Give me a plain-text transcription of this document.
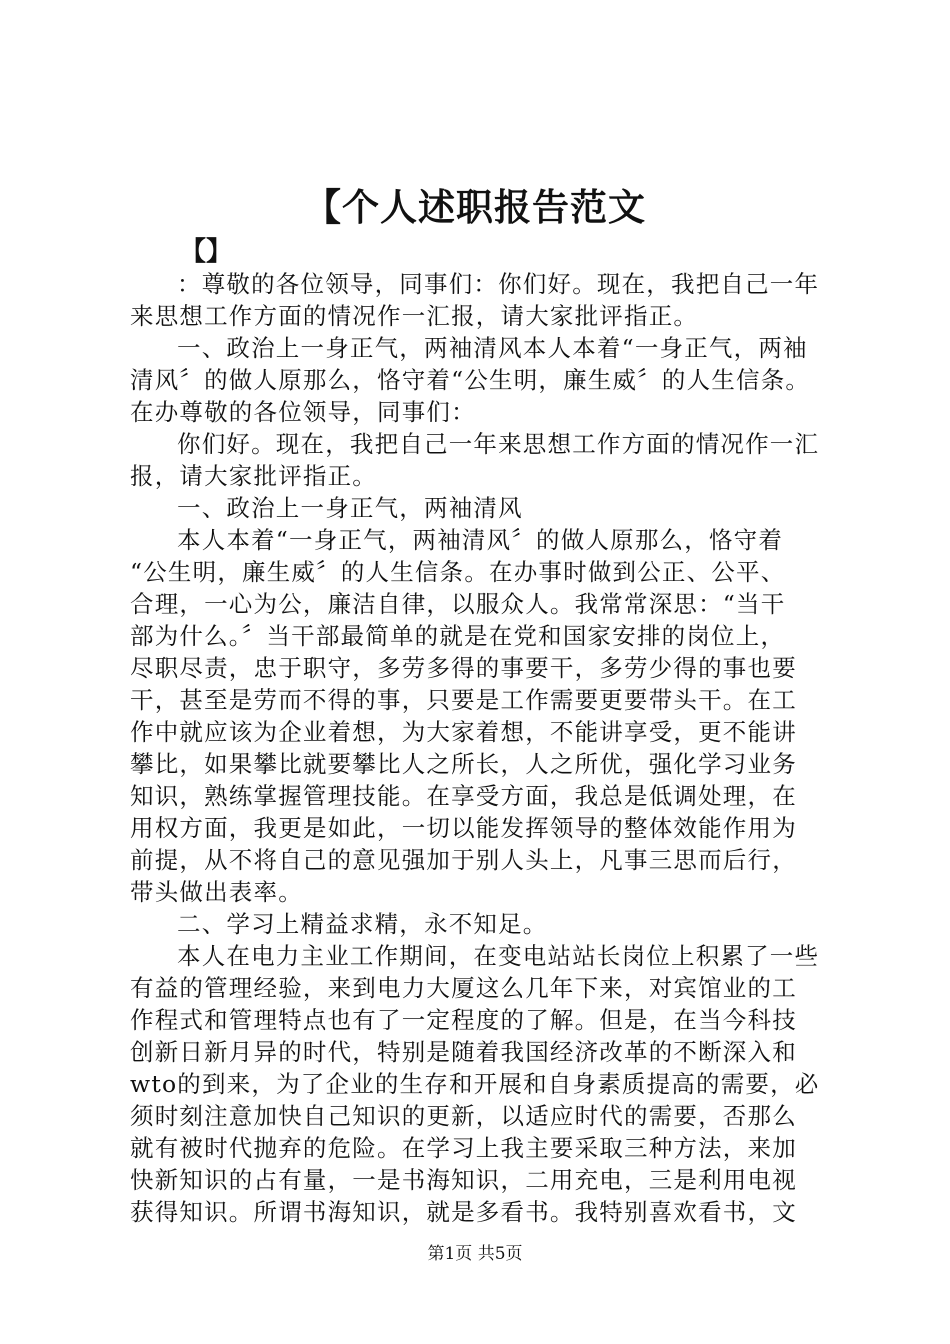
【个人述职报告范文
【】
：尊敬的各位领导，同事们：你们好。现在，我把自己一年
来思想工作方面的情况作一汇报，请大家批评指正。
一、政治上一身正气，两袖清风本人本着“一身正气，两袖
清风〞的做人原那么，恪守着“公生明，廉生威〞的人生信条。
在办尊敬的各位领导，同事们：
你们好。现在，我把自己一年来思想工作方面的情况作一汇
报，请大家批评指正。
一、政治上一身正气，两袖清风
本人本着“一身正气，两袖清风〞的做人原那么，恪守着
“公生明，廉生威〞的人生信条。在办事时做到公正、公平、
合理，一心为公，廉洁自律，以服众人。我常常深思：“当干
部为什么。〞当干部最简单的就是在党和国家安排的岗位上，
尽职尽责，忠于职守，多劳多得的事要干，多劳少得的事也要
干，甚至是劳而不得的事，只要是工作需要更要带头干。在工
作中就应该为企业着想，为大家着想，不能讲享受，更不能讲
攀比，如果攀比就要攀比人之所长，人之所优，强化学习业务
知识，熟练掌握管理技能。在享受方面，我总是低调处理，在
用权方面，我更是如此，一切以能发挥领导的整体效能作用为
前提，从不将自己的意见强加于别人头上，凡事三思而后行，
带头做出表率。
二、学习上精益求精，永不知足。
本人在电力主业工作期间，在变电站站长岗位上积累了一些
有益的管理经验，来到电力大厦这么几年下来，对宾馆业的工
作程式和管理特点也有了一定程度的了解。但是，在当今科技
创新日新月异的时代，特别是随着我国经济改革的不断深入和
wto的到来，为了企业的生存和开展和自身素质提高的需要，必
须时刻注意加快自己知识的更新，以适应时代的需要，否那么
就有被时代抛弃的危险。在学习上我主要采取三种方法，来加
快新知识的占有量，一是书海知识，二用充电，三是利用电视
获得知识。所谓书海知识，就是多看书。我特别喜欢看书，文
第1页 共5页
